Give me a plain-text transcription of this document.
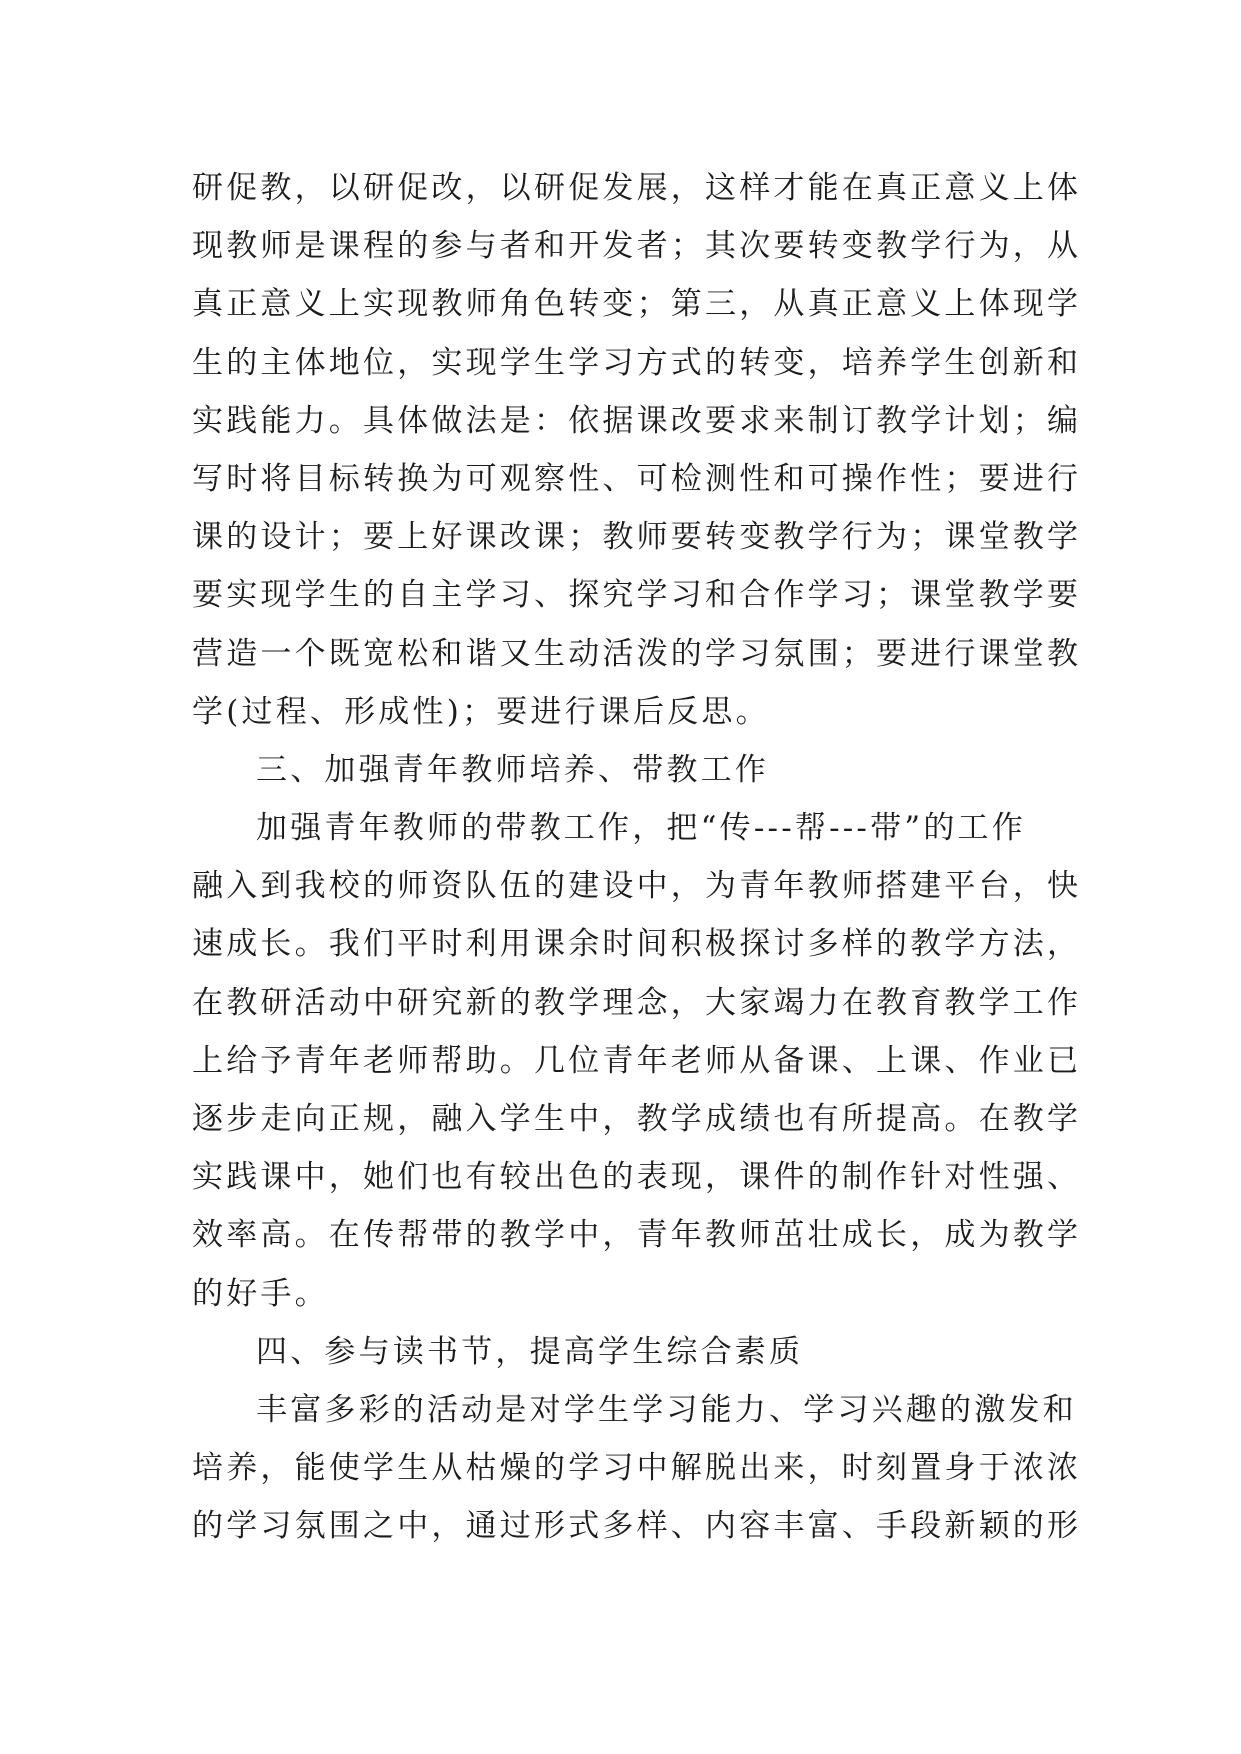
研促教，以研促改，以研促发展，这样才能在真正意义上体
现教师是课程的参与者和开发者；其次要转变教学行为，从
真正意义上实现教师角色转变；第三，从真正意义上体现学
生的主体地位，实现学生学习方式的转变，培养学生创新和
实践能力。具体做法是：依据课改要求来制订教学计划；编
写时将目标转换为可观察性、可检测性和可操作性；要进行
课的设计；要上好课改课；教师要转变教学行为；课堂教学
要实现学生的自主学习、探究学习和合作学习；课堂教学要
营造一个既宽松和谐又生动活泼的学习氛围；要进行课堂教
学(过程、形成性)；要进行课后反思。
三、加强青年教师培养、带教工作
加强青年教师的带教工作，把“传---帮---带”的工作
融入到我校的师资队伍的建设中，为青年教师搭建平台，快
速成长。我们平时利用课余时间积极探讨多样的教学方法，
在教研活动中研究新的教学理念，大家竭力在教育教学工作
上给予青年老师帮助。几位青年老师从备课、上课、作业已
逐步走向正规，融入学生中，教学成绩也有所提高。在教学
实践课中，她们也有较出色的表现，课件的制作针对性强、
效率高。在传帮带的教学中，青年教师茁壮成长，成为教学
的好手。
四、参与读书节，提高学生综合素质
丰富多彩的活动是对学生学习能力、学习兴趣的激发和
培养，能使学生从枯燥的学习中解脱出来，时刻置身于浓浓
的学习氛围之中，通过形式多样、内容丰富、手段新颖的形
